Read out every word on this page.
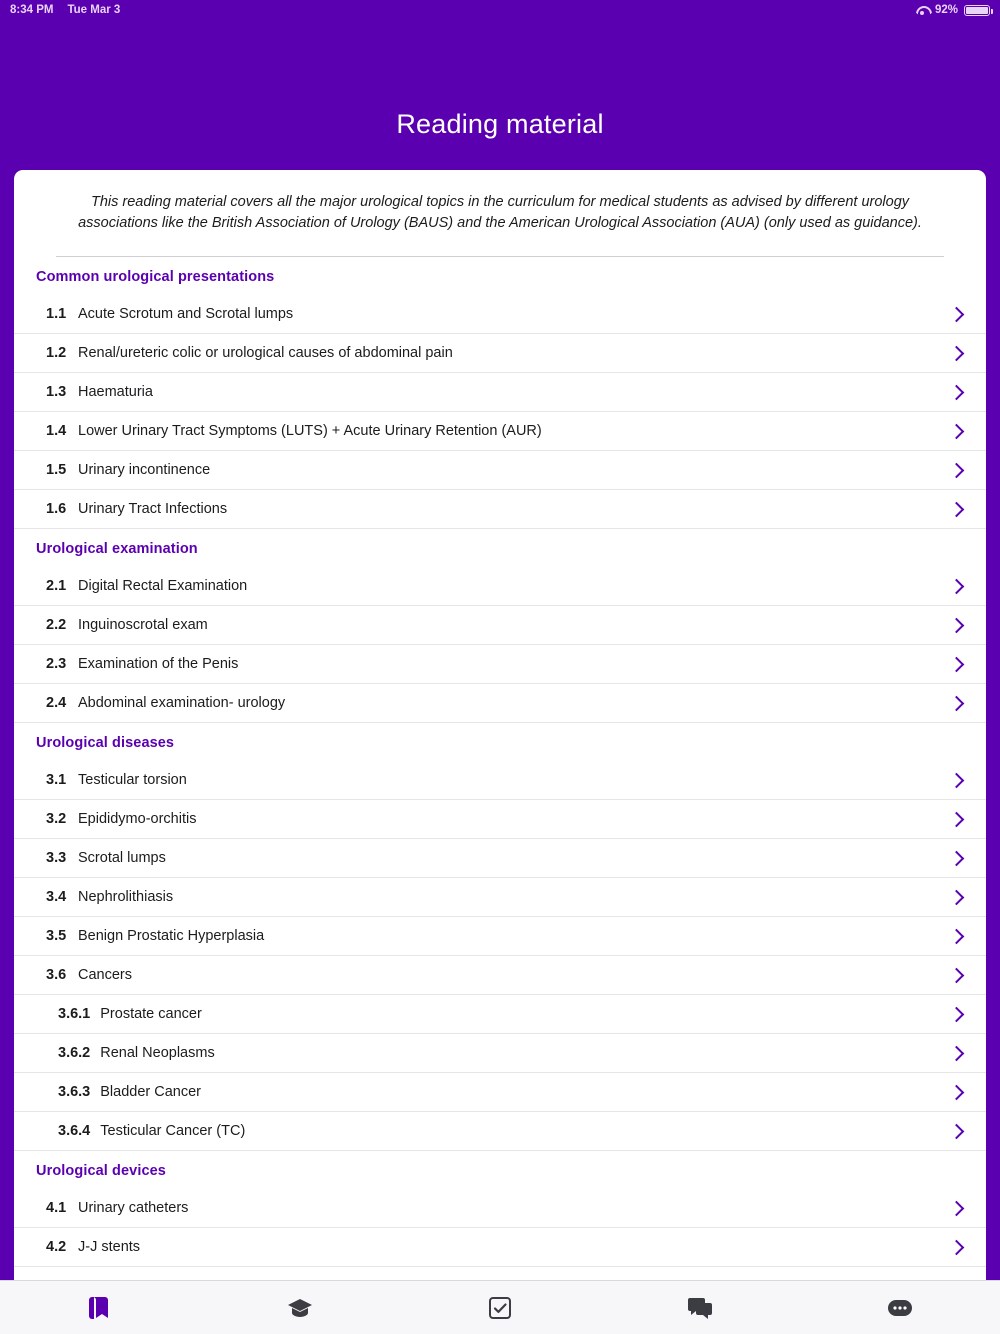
8:34 PM Tue Mar 3	92%
Reading material

This reading material covers all the major urological topics in the curriculum for medical students as advised by different urology associations like the British Association of Urology (BAUS) and the American Urological Association (AUA) (only used as guidance).

Common urological presentations
1.1 Acute Scrotum and Scrotal lumps
1.2 Renal/ureteric colic or urological causes of abdominal pain
1.3 Haematuria
1.4 Lower Urinary Tract Symptoms (LUTS) + Acute Urinary Retention (AUR)
1.5 Urinary incontinence
1.6 Urinary Tract Infections
Urological examination
2.1 Digital Rectal Examination
2.2 Inguinoscrotal exam
2.3 Examination of the Penis
2.4 Abdominal examination- urology
Urological diseases
3.1 Testicular torsion
3.2 Epididymo-orchitis
3.3 Scrotal lumps
3.4 Nephrolithiasis
3.5 Benign Prostatic Hyperplasia
3.6 Cancers
3.6.1 Prostate cancer
3.6.2 Renal Neoplasms
3.6.3 Bladder Cancer
3.6.4 Testicular Cancer (TC)
Urological devices
4.1 Urinary catheters
4.2 J-J stents
